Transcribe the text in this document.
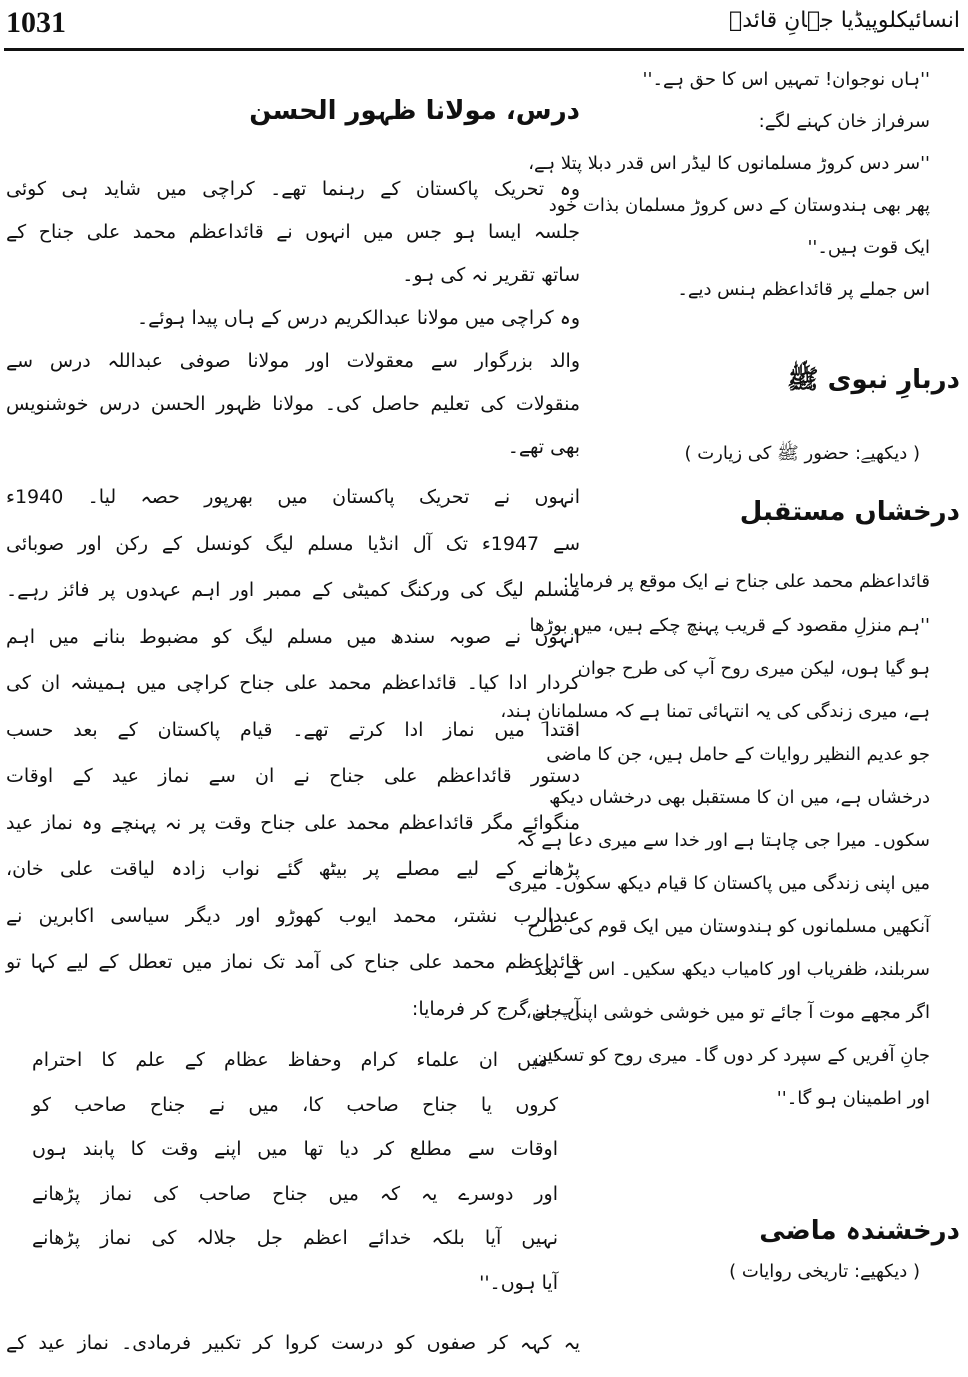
1031	انسائیکلوپیڈیا جہانِ قائدؒ
''ہاں نوجوان! تمہیں اس کا حق ہے۔''
سرفراز خان کہنے لگے:
''سر دس کروڑ مسلمانوں کا لیڈر اس قدر دبلا پتلا ہے،
پھر بھی ہندوستان کے دس کروڑ مسلمان بذات خود
ایک قوت ہیں۔''
اس جملے پر قائداعظم ہنس دیے۔
دربارِ نبوی ﷺ
( دیکھیے: حضور ﷺ کی زیارت )
درخشاں مستقبل
قائداعظم محمد علی جناح نے ایک موقع پر فرمایا:
''ہم منزلِ مقصود کے قریب پہنچ چکے ہیں، میں بوڑھا
ہو گیا ہوں، لیکن میری روح آپ کی طرح جوان
ہے، میری زندگی کی یہ انتہائی تمنا ہے کہ مسلمانانِ ہند،
جو عدیم النظیر روایات کے حامل ہیں، جن کا ماضی
درخشاں ہے، میں ان کا مستقبل بھی درخشاں دیکھ
سکوں۔ میرا جی چاہتا ہے اور خدا سے میری دعا ہے کہ
میں اپنی زندگی میں پاکستان کا قیام دیکھ سکوں۔ میری
آنکھیں مسلمانوں کو ہندوستان میں ایک قوم کی طرح
سربلند، ظفریاب اور کامیاب دیکھ سکیں۔ اس کے بعد
اگر مجھے موت آ جائے تو میں خوشی خوشی اپنی جان،
جانِ آفریں کے سپرد کر دوں گا۔ میری روح کو تسکین
اور اطمینان ہو گا۔''
درخشندہ ماضی
( دیکھیے: تاریخی روایات )
درس، مولانا ظہور الحسن
وہ تحریک پاکستان کے رہنما تھے۔ کراچی میں شاید ہی کوئی
جلسہ ایسا ہو جس میں انہوں نے قائداعظم محمد علی جناح کے
ساتھ تقریر نہ کی ہو۔
وہ کراچی میں مولانا عبدالکریم درس کے ہاں پیدا ہوئے۔
والد بزرگوار سے معقولات اور مولانا صوفی عبداللہ درس سے
منقولات کی تعلیم حاصل کی۔ مولانا ظہور الحسن درس خوشنویس
بھی تھے۔
انہوں نے تحریک پاکستان میں بھرپور حصہ لیا۔ 1940ء
سے 1947ء تک آل انڈیا مسلم لیگ کونسل کے رکن اور صوبائی
مسلم لیگ کی ورکنگ کمیٹی کے ممبر اور اہم عہدوں پر فائز رہے۔
انہوں نے صوبہ سندھ میں مسلم لیگ کو مضبوط بنانے میں اہم
کردار ادا کیا۔ قائداعظم محمد علی جناح کراچی میں ہمیشہ ان کی
اقتدا میں نماز ادا کرتے تھے۔ قیام پاکستان کے بعد حسب
دستور قائداعظم علی جناح نے ان سے نماز عید کے اوقات
منگوائے مگر قائداعظم محمد علی جناح وقت پر نہ پہنچے وہ نماز عید
پڑھانے کے لیے مصلے پر بیٹھ گئے نواب زادہ لیاقت علی خان،
عبدالرب نشتر، محمد ایوب کھوڑو اور دیگر سیاسی اکابرین نے
قائداعظم محمد علی جناح کی آمد تک نماز میں تعطل کے لیے کہا تو
آپ نے گرج کر فرمایا:
''میں ان علماء کرام وحفاظ عظام کے علم کا احترام
کروں یا جناح صاحب کا، میں نے جناح صاحب کو
اوقات سے مطلع کر دیا تھا میں اپنے وقت کا پابند ہوں
اور دوسرے یہ کہ میں جناح صاحب کی نماز پڑھانے
نہیں آیا بلکہ خدائے اعظم جل جلالہ کی نماز پڑھانے
آیا ہوں۔''
یہ کہہ کر صفوں کو درست کروا کر تکبیر فرمادی۔ نماز عید کے
